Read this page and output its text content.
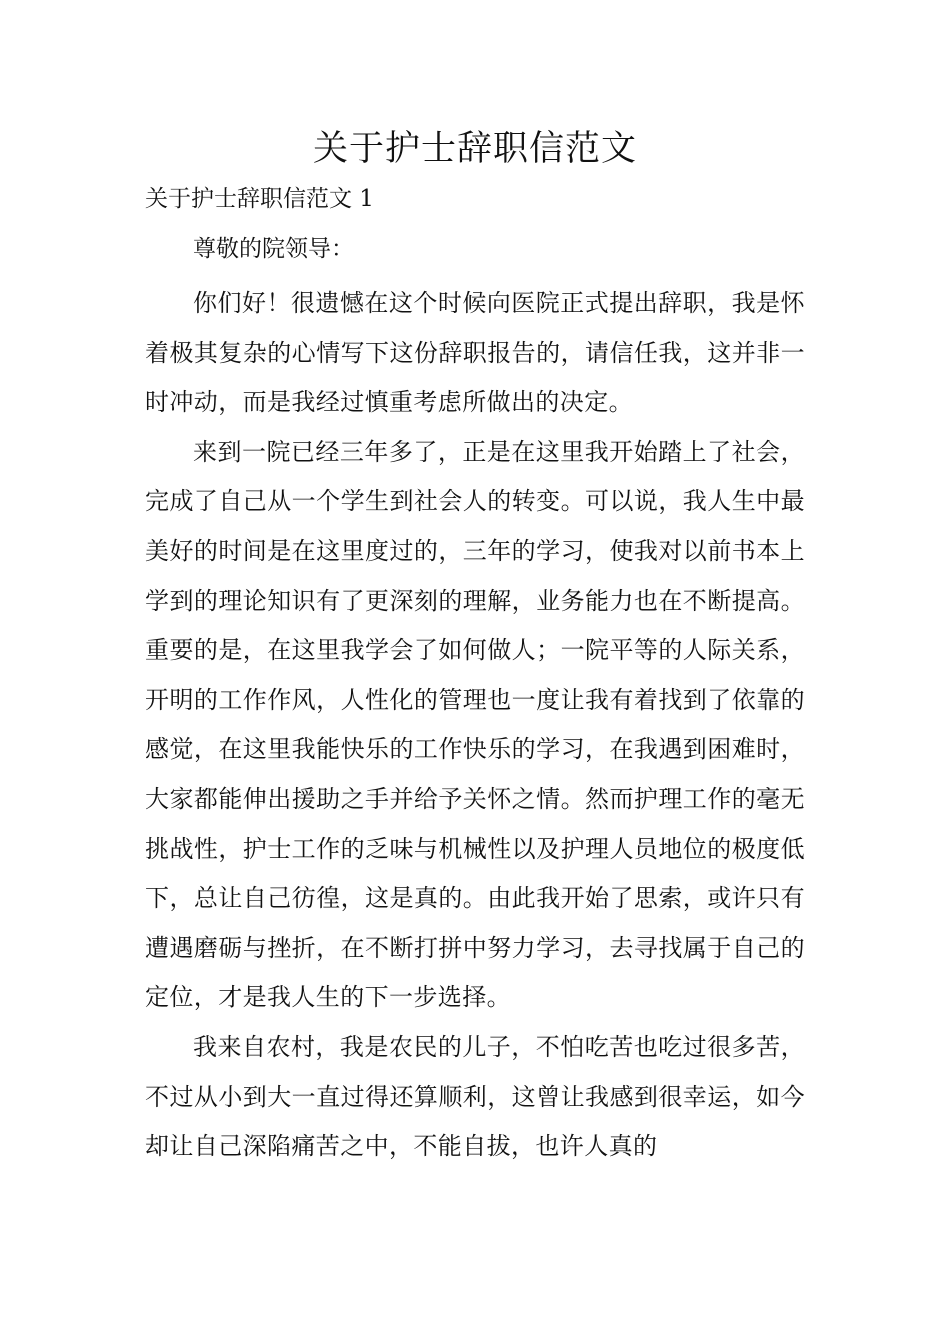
关于护士辞职信范文
关于护士辞职信范文 1
尊敬的院领导：

你们好！很遗憾在这个时候向医院正式提出辞职，我是怀着极其复杂的心情写下这份辞职报告的，请信任我，这并非一时冲动，而是我经过慎重考虑所做出的决定。

来到一院已经三年多了，正是在这里我开始踏上了社会，完成了自己从一个学生到社会人的转变。可以说，我人生中最美好的时间是在这里度过的，三年的学习，使我对以前书本上学到的理论知识有了更深刻的理解，业务能力也在不断提高。重要的是，在这里我学会了如何做人；一院平等的人际关系，开明的工作作风，人性化的管理也一度让我有着找到了依靠的感觉，在这里我能快乐的工作快乐的学习，在我遇到困难时，大家都能伸出援助之手并给予关怀之情。然而护理工作的毫无挑战性，护士工作的乏味与机械性以及护理人员地位的极度低下，总让自己彷徨，这是真的。由此我开始了思索，或许只有遭遇磨砺与挫折，在不断打拼中努力学习，去寻找属于自己的定位，才是我人生的下一步选择。

我来自农村，我是农民的儿子，不怕吃苦也吃过很多苦，不过从小到大一直过得还算顺利，这曾让我感到很幸运，如今却让自己深陷痛苦之中，不能自拔，也许人真的
